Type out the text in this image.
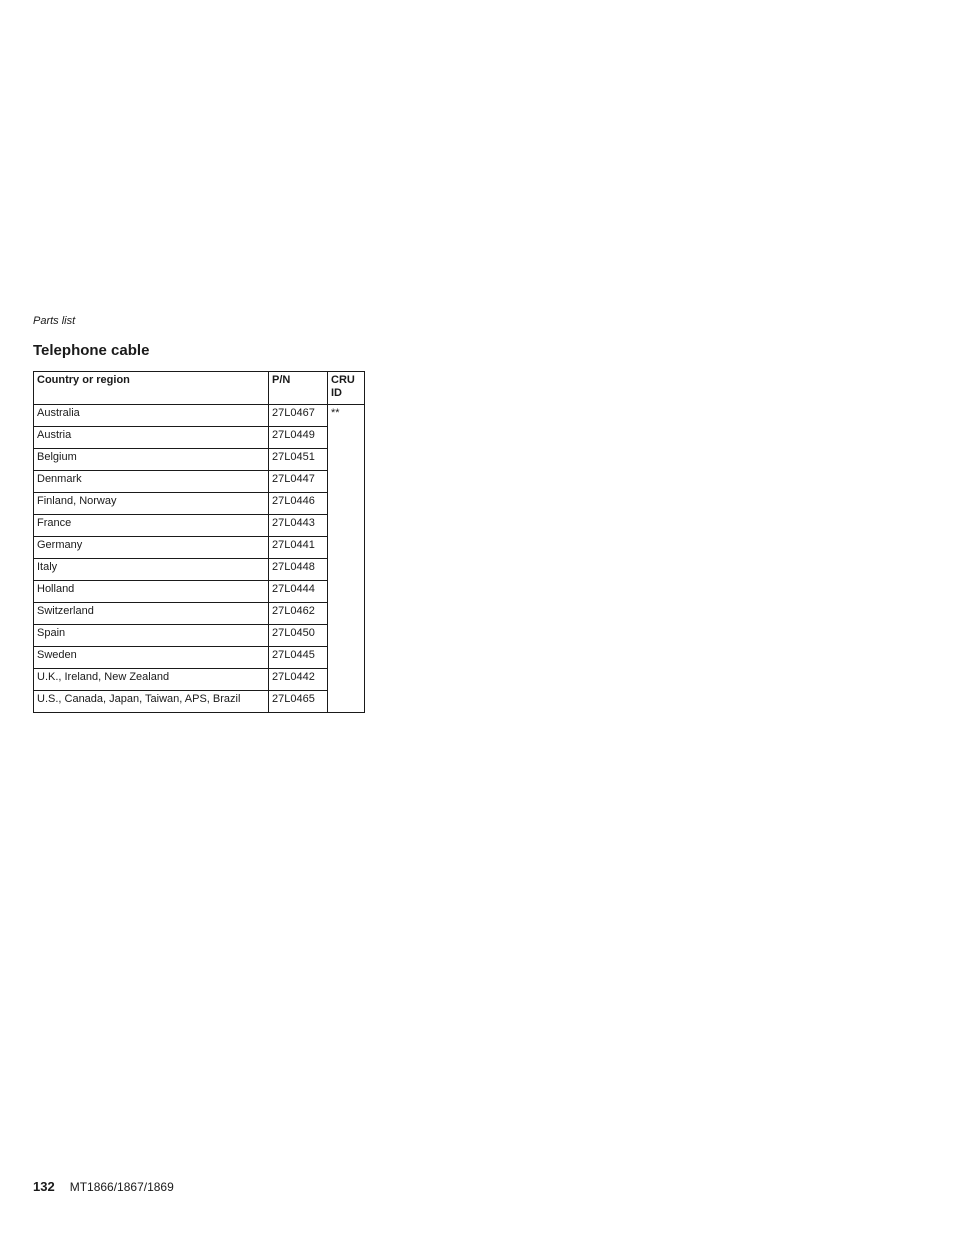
Parts list
Telephone cable
Country or region	P/N	CRU ID
Australia	27L0467	**
Austria	27L0449	
Belgium	27L0451	
Denmark	27L0447	
Finland, Norway	27L0446	
France	27L0443	
Germany	27L0441	
Italy	27L0448	
Holland	27L0444	
Switzerland	27L0462	
Spain	27L0450	
Sweden	27L0445	
U.K., Ireland, New Zealand	27L0442	
U.S., Canada, Japan, Taiwan, APS, Brazil	27L0465	
132 MT1866/1867/1869
